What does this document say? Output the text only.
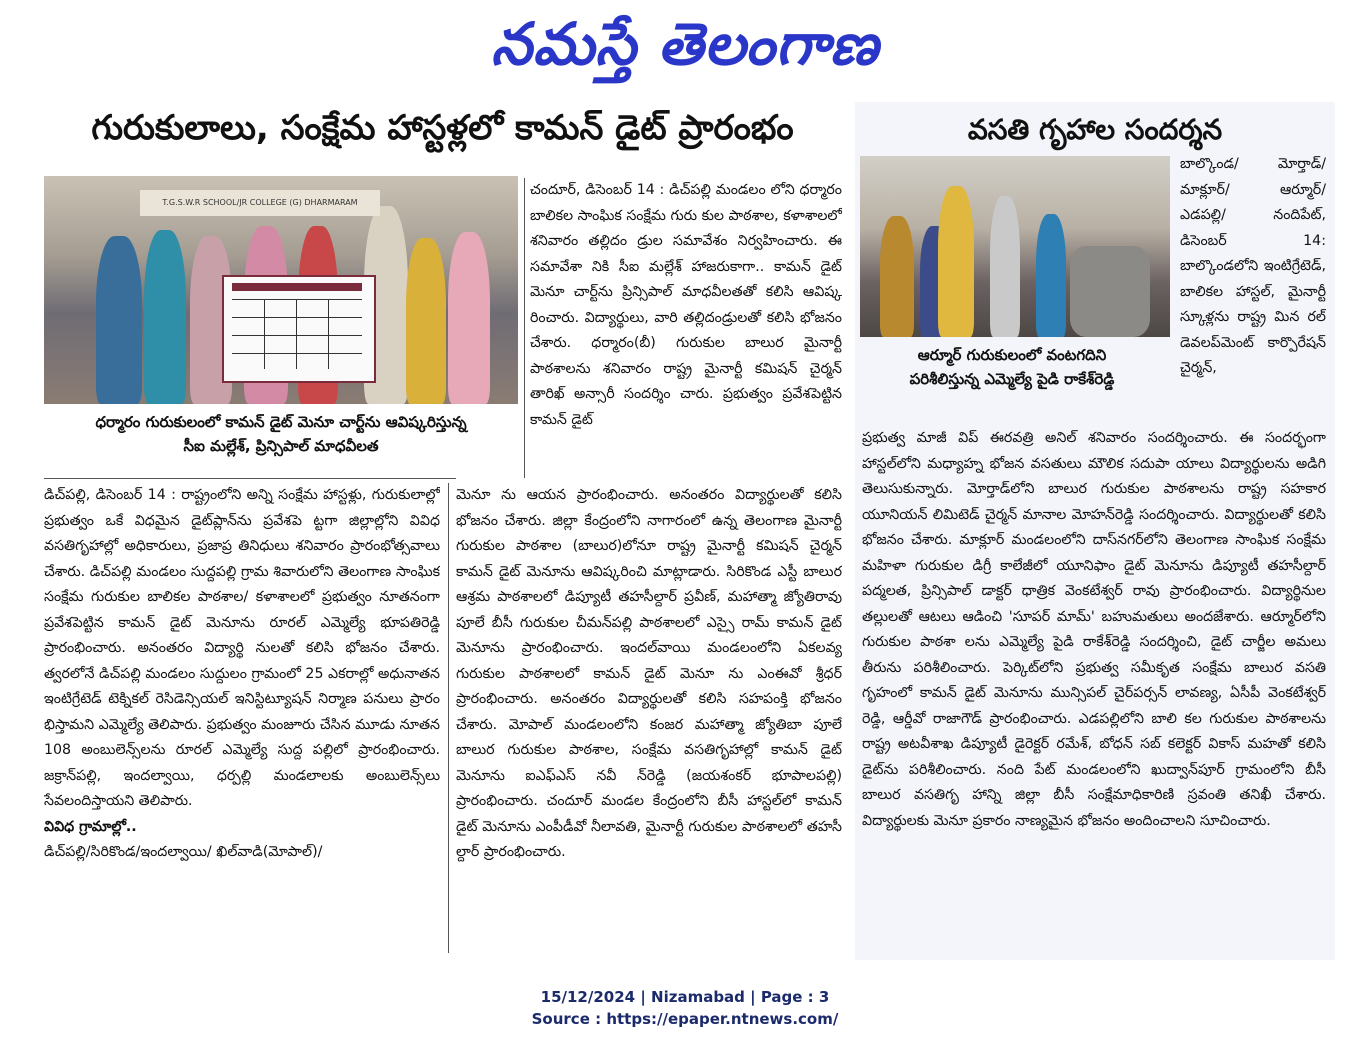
నమస్తే తెలంగాణ
గురుకులాలు, సంక్షేమ హాస్టళ్లలో కామన్ డైట్ ప్రారంభం	వసతి గృహాల సందర్శన
T.G.S.W.R SCHOOL/JR COLLEGE (G) DHARMARAM
ధర్మారం గురుకులంలో కామన్ డైట్ మెనూ చార్ట్‌ను ఆవిష్కరిస్తున్న
సీఐ మల్లేశ్, ప్రిన్సిపాల్ మాధవీలత
ఆర్మూర్ గురుకులంలో వంటగదిని
పరిశీలిస్తున్న ఎమ్మెల్యే పైడి రాకేశ్‌రెడ్డి
చందూర్, డిసెంబర్ 14 : డిచ్‌పల్లి మండలం లోని ధర్మారం బాలికల సాంఘిక సంక్షేమ గురు కుల పాఠశాల, కళాశాలలో శనివారం తల్లిదం డ్రుల సమావేశం నిర్వహించారు. ఈ సమావేశా నికి సీఐ మల్లేశ్ హాజరుకాగా.. కామన్ డైట్ మెనూ చార్ట్‌ను ప్రిన్సిపాల్ మాధవీలతతో కలిసి ఆవిష్క రించారు. విద్యార్థులు, వారి తల్లిదండ్రులతో కలిసి భోజనం చేశారు. ధర్మారం(బీ) గురుకుల బాలుర మైనార్టీ పాఠశాలను శనివారం రాష్ట్ర మైనార్టీ కమిషన్ చైర్మన్ తారిఖ్ అన్సారీ సందర్శిం చారు. ప్రభుత్వం ప్రవేశపెట్టిన కామన్ డైట్
డిచ్‌పల్లి, డిసెంబర్ 14 : రాష్ట్రంలోని అన్ని సంక్షేమ హాస్టళ్లు, గురుకులాల్లో ప్రభుత్వం ఒకే విధమైన డైట్‌ప్లాన్‌ను ప్రవేశపె ట్టగా జిల్లాల్లోని వివిధ వసతిగృహాల్లో అధికారులు, ప్రజాప్ర తినిధులు శనివారం ప్రారంభోత్సవాలు చేశారు. డిచ్‌పల్లి మండలం సుద్దపల్లి గ్రామ శివారులోని తెలంగాణ సాంఘిక సంక్షేమ గురుకుల బాలికల పాఠశాల/ కళాశాలలో ప్రభుత్వం నూతనంగా ప్రవేశపెట్టిన కామన్ డైట్ మెనూను రూరల్ ఎమ్మెల్యే భూపతిరెడ్డి ప్రారంభించారు. అనంతరం విద్యార్థి నులతో కలిసి భోజనం చేశారు. త్వరలోనే డిచ్‌పల్లి మండలం సుద్దులం గ్రామంలో 25 ఎకరాల్లో అధునాతన ఇంటిగ్రేటెడ్ టెక్నికల్ రెసిడెన్సియల్ ఇనిస్టిట్యూషన్ నిర్మాణ పనులు ప్రారం భిస్తామని ఎమ్మెల్యే తెలిపారు. ప్రభుత్వం మంజూరు చేసిన మూడు నూతన 108 అంబులెన్స్‌లను రూరల్ ఎమ్మెల్యే సుద్ద పల్లిలో ప్రారంభించారు. జక్రాన్‌పల్లి, ఇందల్వాయి, ధర్పల్లి మండలాలకు అంబులెన్స్‌లు సేవలందిస్తాయని తెలిపారు.
వివిధ గ్రామాల్లో..
డిచ్‌పల్లి/సిరికొండ/ఇందల్వాయి/ ఖిల్‌వాడి(మోపాల్)/
మెనూ ను ఆయన ప్రారంభించారు. అనంతరం విద్యార్థులతో కలిసి భోజనం చేశారు. జిల్లా కేంద్రంలోని నాగారంలో ఉన్న తెలంగాణ మైనార్టీ గురుకుల పాఠశాల (బాలుర)లోనూ రాష్ట్ర మైనార్టీ కమిషన్ చైర్మన్ కామన్ డైట్ మెనూను ఆవిష్కరించి మాట్లాడారు. సిరికొండ ఎస్టీ బాలుర ఆశ్రమ పాఠశాలలో డిప్యూటీ తహసీల్దార్ ప్రవీణ్, మహాత్మా జ్యోతిరావు పూలే బీసీ గురుకుల చీమన్‌పల్లి పాఠశాలలో ఎస్సై రామ్ కామన్ డైట్ మెనూను ప్రారంభించారు. ఇందల్‌వాయి మండలంలోని ఏకలవ్య గురుకుల పాఠశాలలో కామన్ డైట్ మెనూ ను ఎంఈవో శ్రీధర్ ప్రారంభించారు. అనంతరం విద్యార్థులతో కలిసి సహపంక్తి భోజనం చేశారు. మోపాల్ మండలంలోని కంజర మహాత్మా జ్యోతిబా పూలే బాలుర గురుకుల పాఠశాల, సంక్షేమ వసతిగృహాల్లో కామన్ డైట్ మెనూను ఐఎఫ్‌ఎస్ నవీ న్‌రెడ్డి (జయశంకర్ భూపాలపల్లి) ప్రారంభించారు. చందూర్ మండల కేంద్రంలోని బీసీ హాస్టల్‌లో కామన్ డైట్ మెనూను ఎంపీడీవో నీలావతి, మైనార్టీ గురుకుల పాఠశాలలో తహసీ ల్దార్ ప్రారంభించారు.
బాల్కొండ/ మోర్తాడ్/ మాక్లూర్/ ఆర్మూర్/ ఎడపల్లి/ నందిపేట్, డిసెంబర్ 14: బాల్కొండలోని ఇంటిగ్రేటెడ్, బాలికల హాస్టల్, మైనార్టీ స్కూళ్లను రాష్ట్ర మిన రల్ డెవలప్‌మెంట్ కార్పొరేషన్ చైర్మన్,
ప్రభుత్వ మాజీ విప్ ఈరవత్రి అనిల్ శనివారం సందర్శించారు. ఈ సందర్భంగా హాస్టల్‌లోని మధ్యాహ్న భోజన వసతులు మౌలిక సదుపా యాలు విద్యార్థులను అడిగి తెలుసుకున్నారు. మోర్తాడ్‌లోని బాలుర గురుకుల పాఠశాలను రాష్ట్ర సహకార యూనియన్ లిమిటెడ్ చైర్మన్ మానాల మోహన్‌రెడ్డి సందర్శించారు. విద్యార్థులతో కలిసి భోజనం చేశారు. మాక్లూర్ మండలంలోని దాస్‌నగర్‌లోని తెలంగాణ సాంఘిక సంక్షేమ మహిళా గురుకుల డిగ్రీ కాలేజీలో యూనిఫాం డైట్ మెనూను డిప్యూటీ తహసీల్దార్ పద్మలత, ప్రిన్సిపాల్ డాక్టర్ ధాత్రిక వెంకటేశ్వర్ రావు ప్రారంభించారు. విద్యార్థినుల తల్లులతో ఆటలు ఆడించి 'సూపర్ మామ్' బహుమతులు అందజేశారు. ఆర్మూర్‌లోని గురుకుల పాఠశా లను ఎమ్మెల్యే పైడి రాకేశ్‌రెడ్డి సందర్శించి, డైట్ చార్జీల అమలు తీరును పరిశీలించారు. పెర్కిట్‌లోని ప్రభుత్వ సమీకృత సంక్షేమ బాలుర వసతి గృహంలో కామన్ డైట్ మెనూను మున్సిపల్ చైర్‌పర్సన్ లావణ్య, ఏసీపీ వెంకటేశ్వర్ రెడ్డి, ఆర్డీవో రాజాగౌడ్ ప్రారంభించారు. ఎడపల్లిలోని బాలి కల గురుకుల పాఠశాలను రాష్ట్ర అటవీశాఖ డిప్యూటీ డైరెక్టర్ రమేశ్, బోధన్ సబ్ కలెక్టర్ వికాస్ మహతో కలిసి డైట్‌ను పరిశీలించారు. నంది పేట్ మండలంలోని ఖుద్వాన్‌పూర్ గ్రామంలోని బీసీ బాలుర వసతిగృ హాన్ని జిల్లా బీసీ సంక్షేమాధికారిణి స్రవంతి తనిఖీ చేశారు. విద్యార్థులకు మెనూ ప్రకారం నాణ్యమైన భోజనం అందించాలని సూచించారు.
15/12/2024 | Nizamabad | Page : 3
Source : https://epaper.ntnews.com/
